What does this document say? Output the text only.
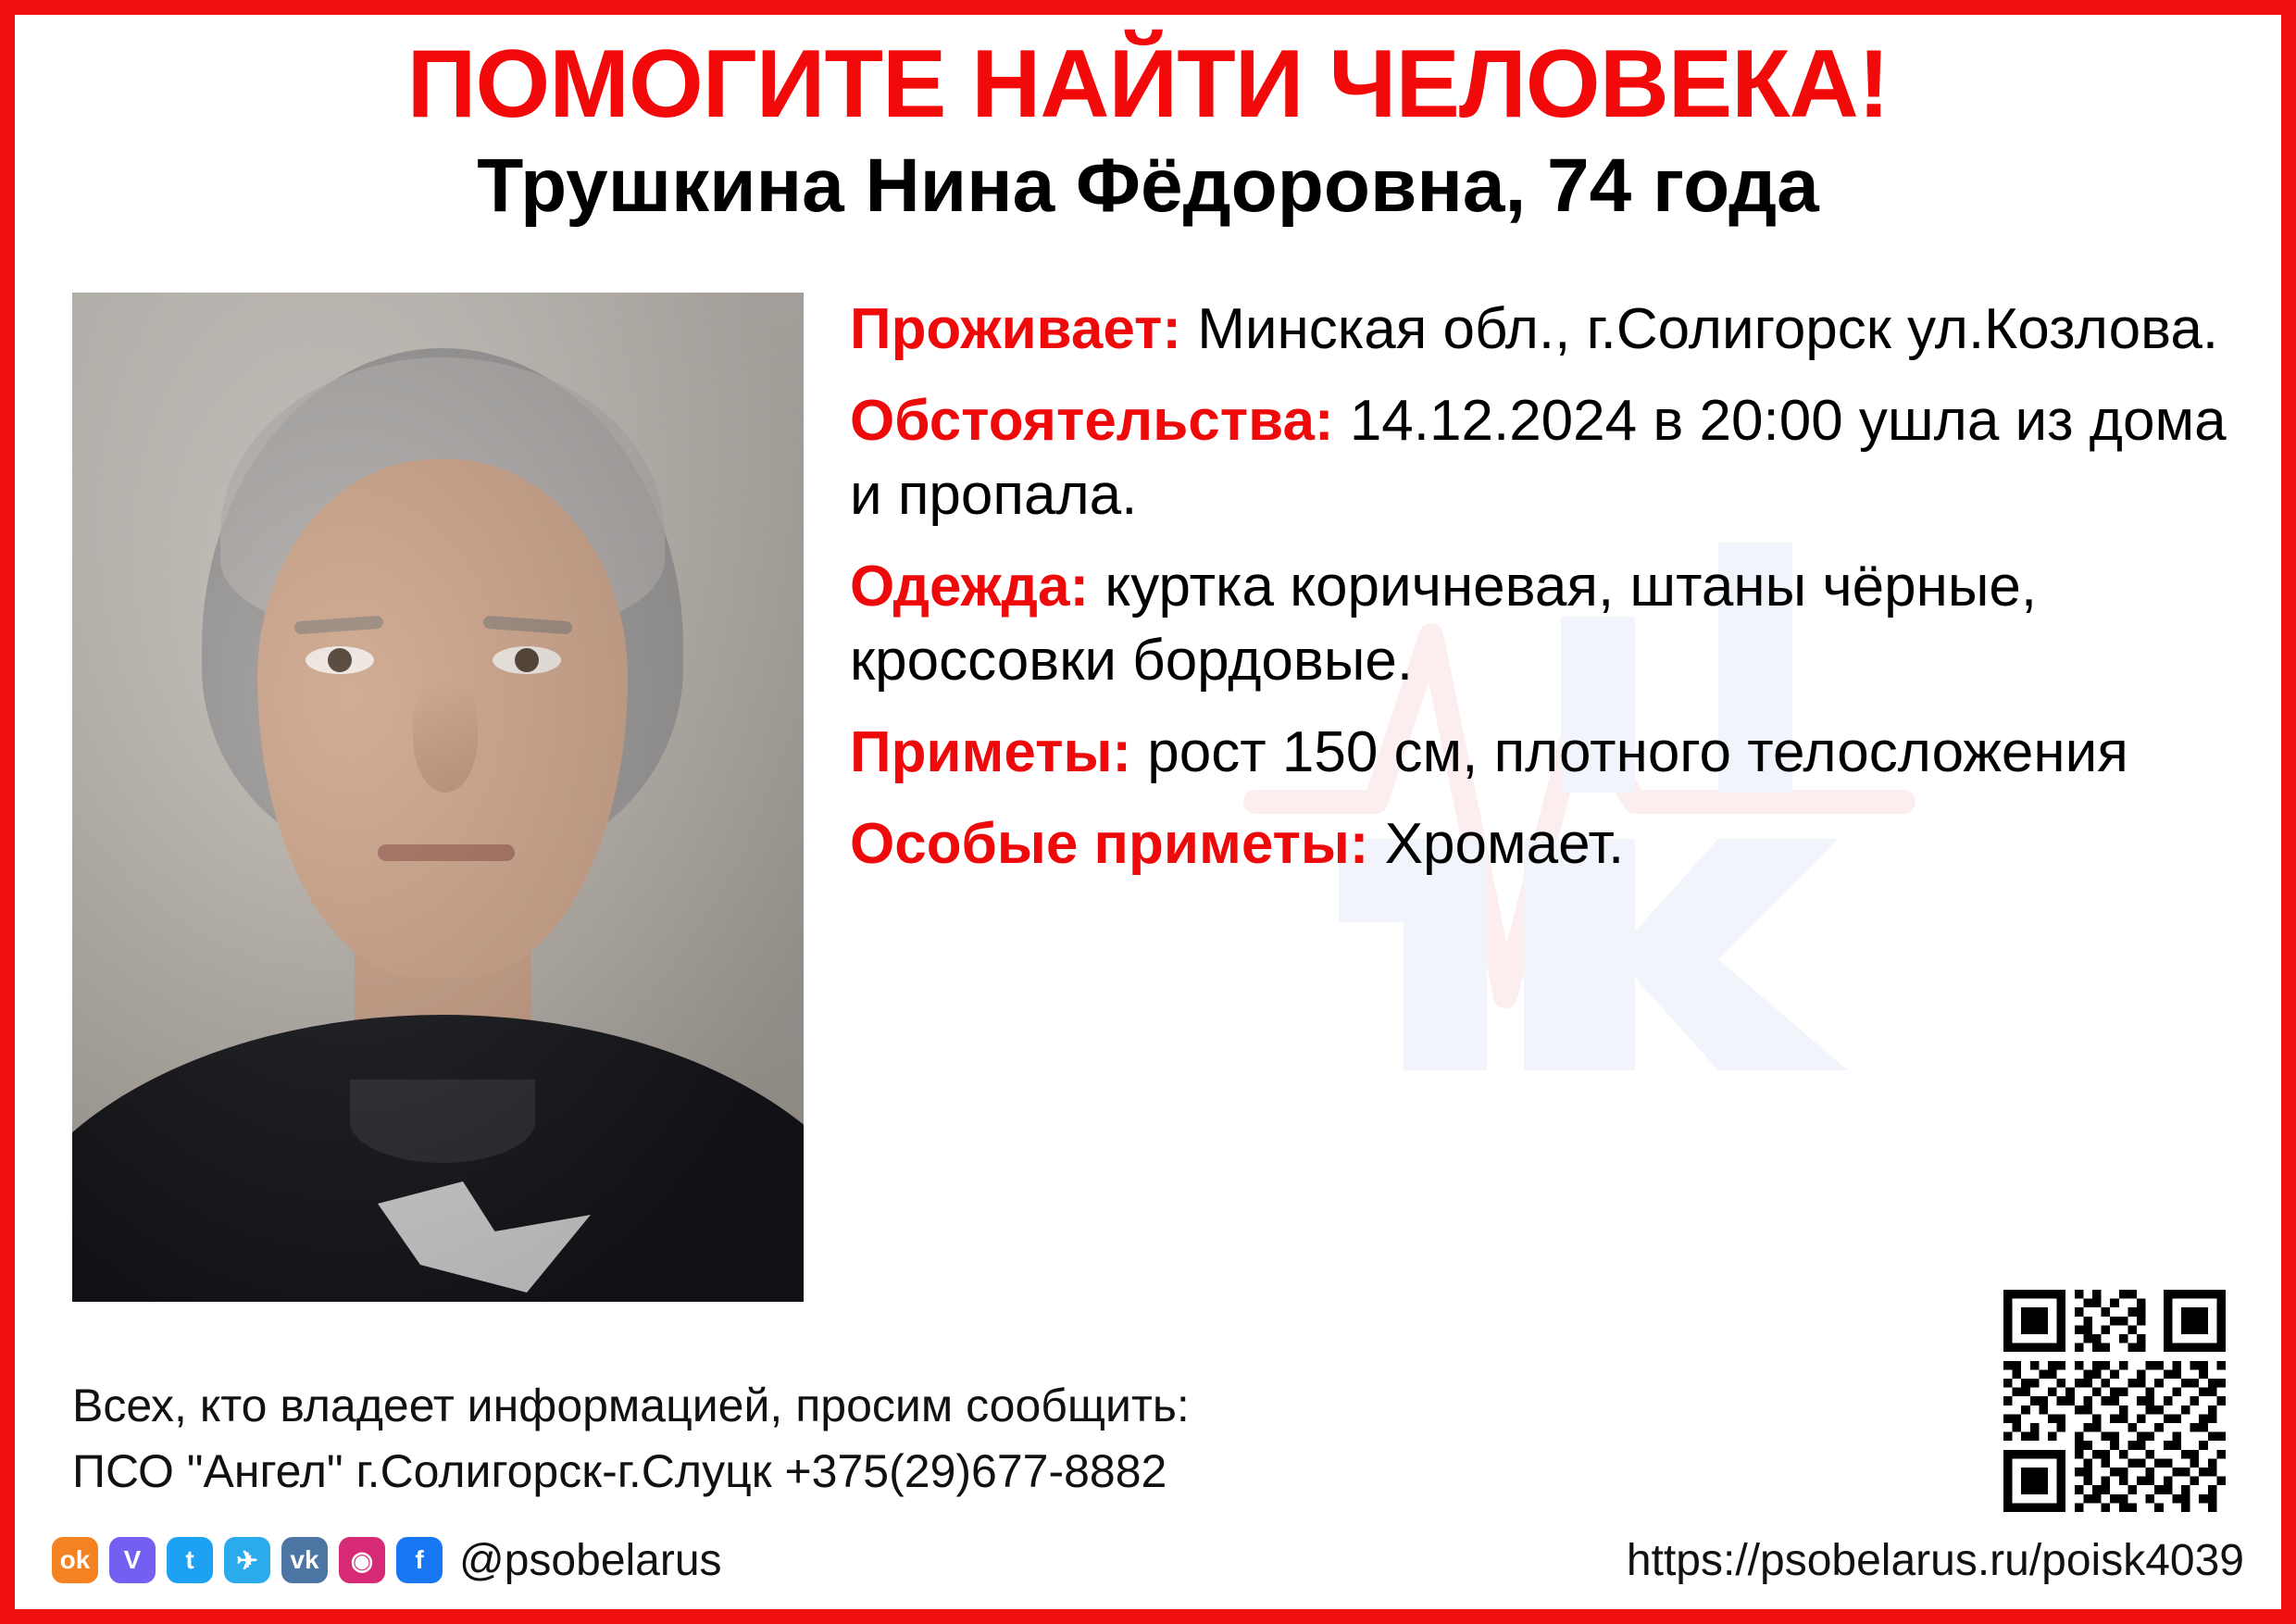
ПОМОГИТЕ НАЙТИ ЧЕЛОВЕКА!
Трушкина Нина Фёдоровна, 74 года

Проживает: Минская обл., г.Солигорск ул.Козлова.

Обстоятельства: 14.12.2024 в 20:00 ушла из дома и пропала.

Одежда: куртка коричневая, штаны чёрные, кроссовки бордовые.

Приметы: рост 150 см, плотного телосложения

Особые приметы: Хромает.

Всех, кто владеет информацией, просим сообщить:

ПСО "Ангел" г.Солигорск-г.Слуцк +375(29)677-8882

ok	V	t	✈	vk	◉	f @psobelarus	https://psobelarus.ru/poisk4039
